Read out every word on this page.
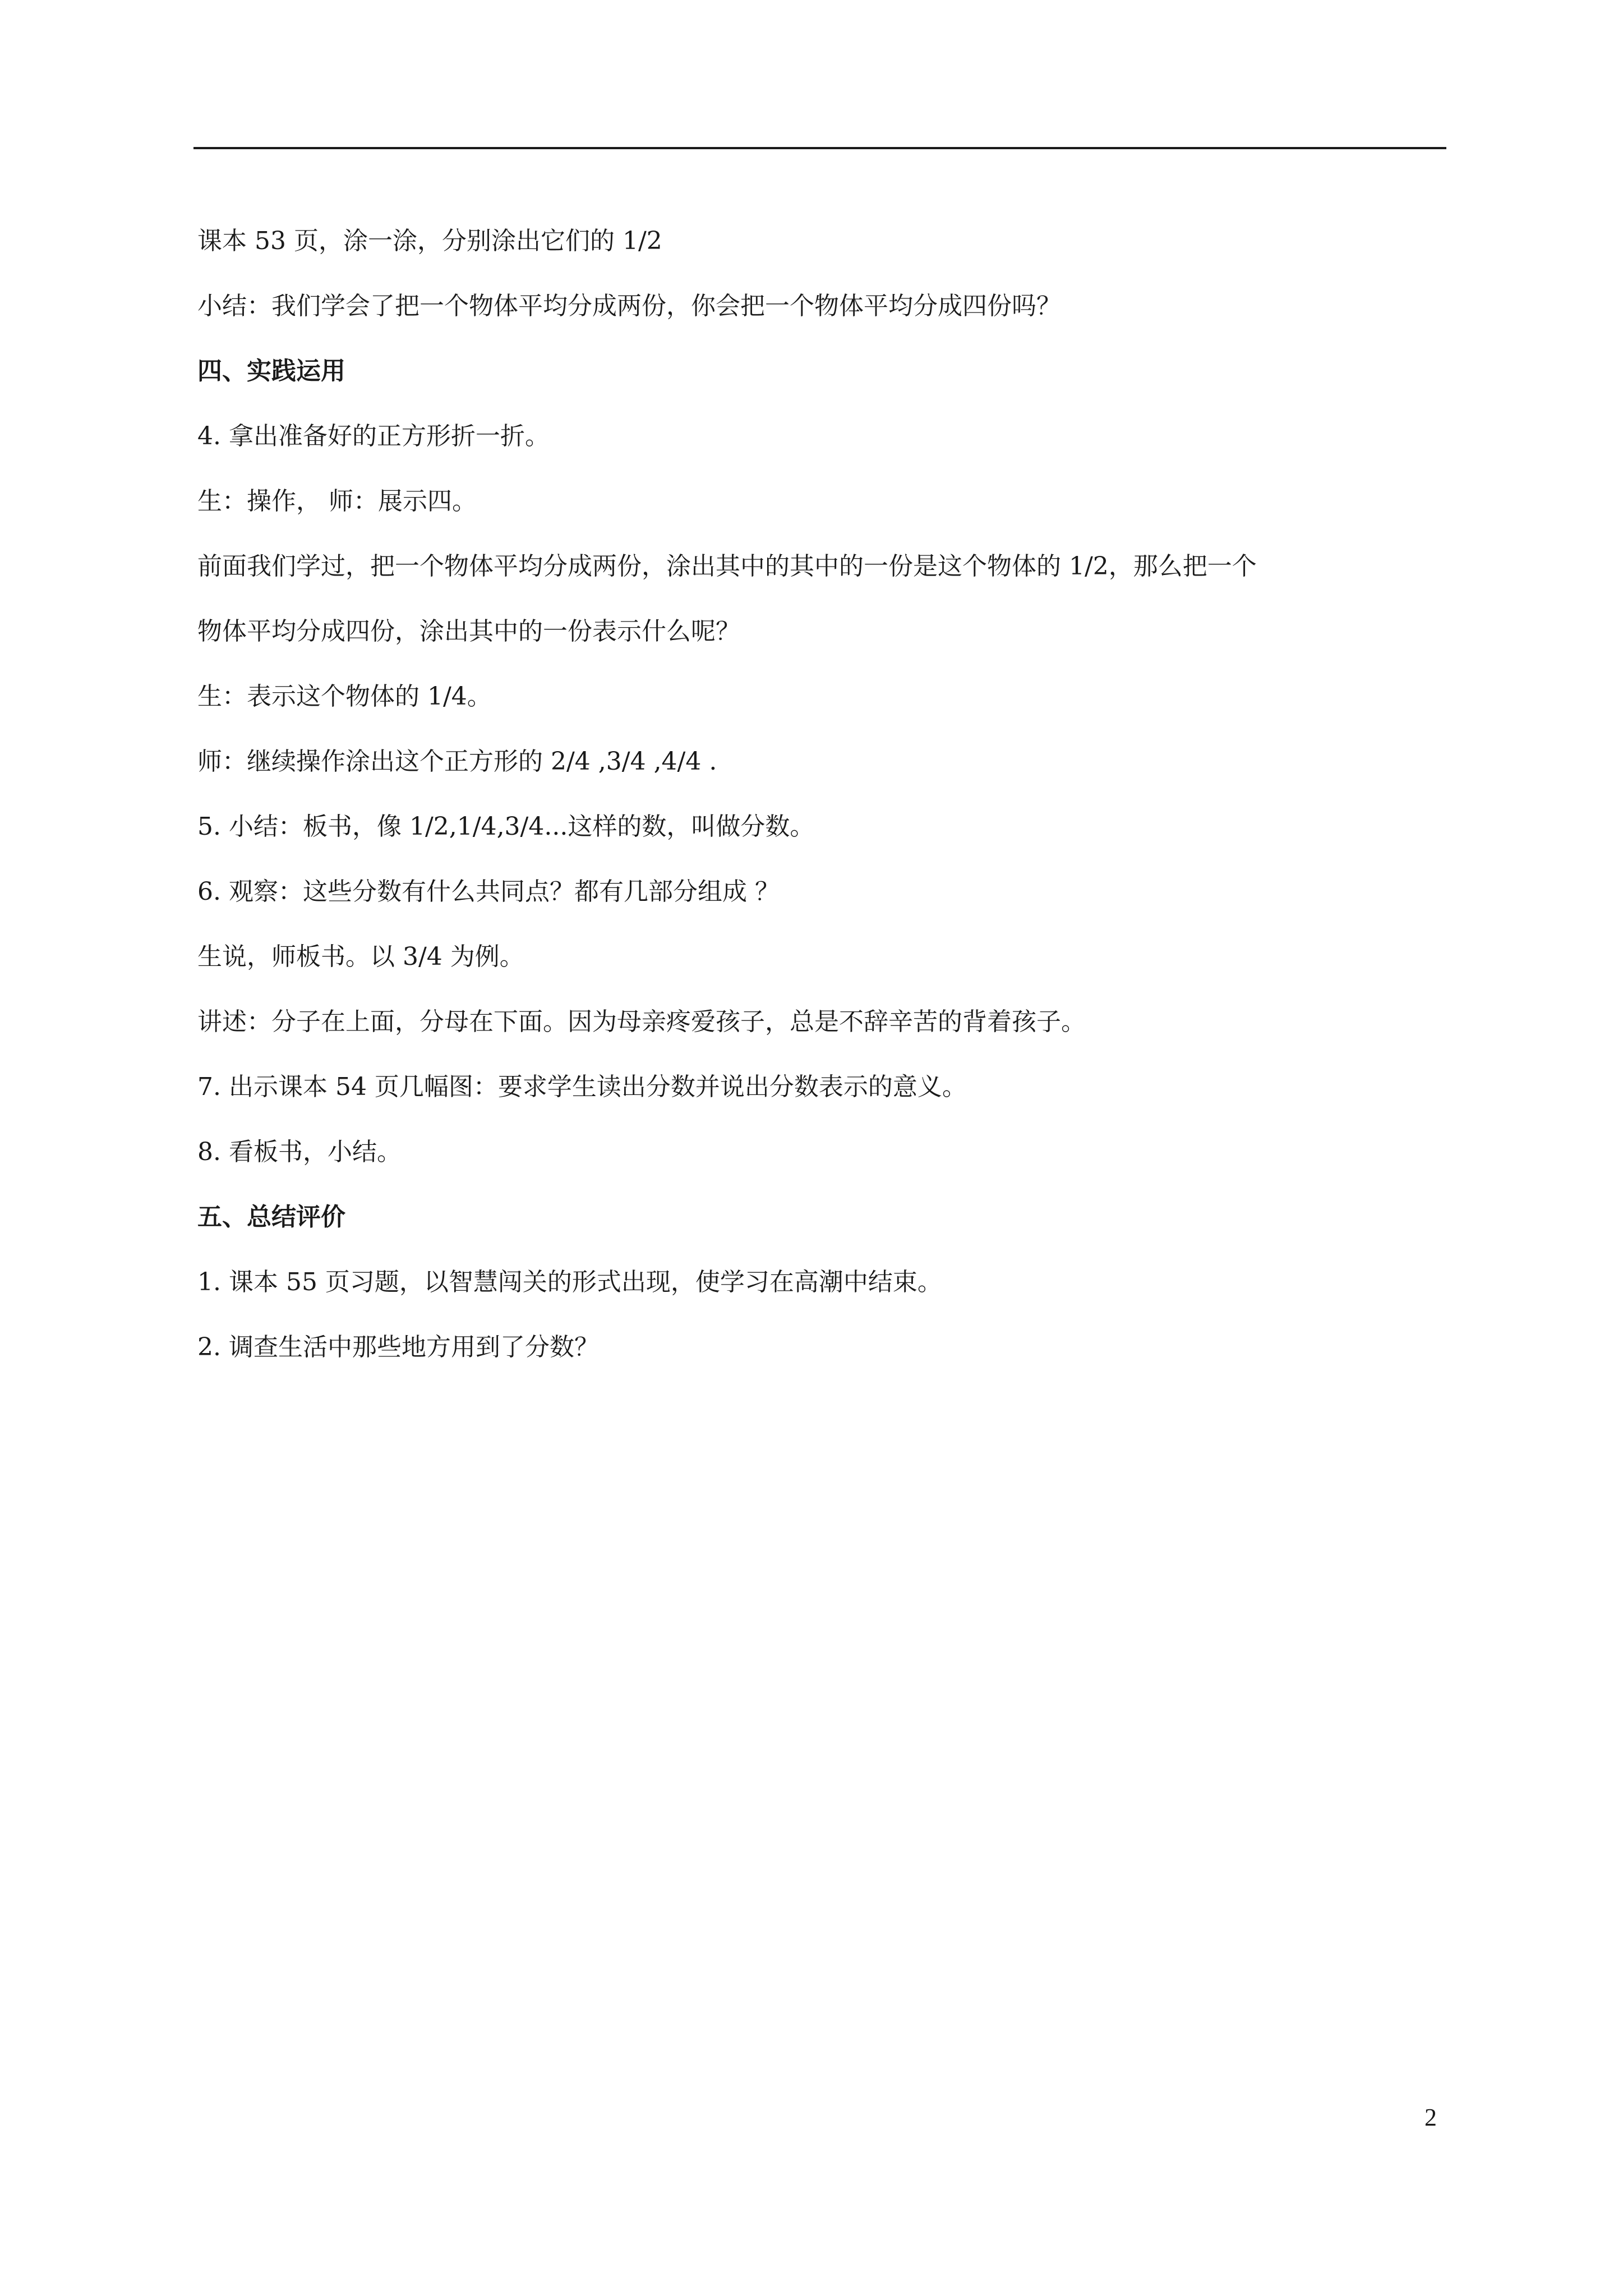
课本 53 页，涂一涂，分别涂出它们的 1/2

小结：我们学会了把一个物体平均分成两份，你会把一个物体平均分成四份吗？

四、实践运用

4. 拿出准备好的正方形折一折。

生：操作， 师：展示四。

前面我们学过，把一个物体平均分成两份，涂出其中的其中的一份是这个物体的 1/2，那么把一个

物体平均分成四份，涂出其中的一份表示什么呢？

生：表示这个物体的 1/4。

师：继续操作涂出这个正方形的 2/4 ,3/4 ,4/4 .

5. 小结：板书，像 1/2,1/4,3/4...这样的数，叫做分数。

6. 观察：这些分数有什么共同点？都有几部分组成 ？

生说，师板书。以 3/4 为例。

讲述：分子在上面，分母在下面。因为母亲疼爱孩子，总是不辞辛苦的背着孩子。

7. 出示课本 54 页几幅图：要求学生读出分数并说出分数表示的意义。

8. 看板书，小结。

五、总结评价

1. 课本 55 页习题，以智慧闯关的形式出现，使学习在高潮中结束。

2. 调查生活中那些地方用到了分数？

2
